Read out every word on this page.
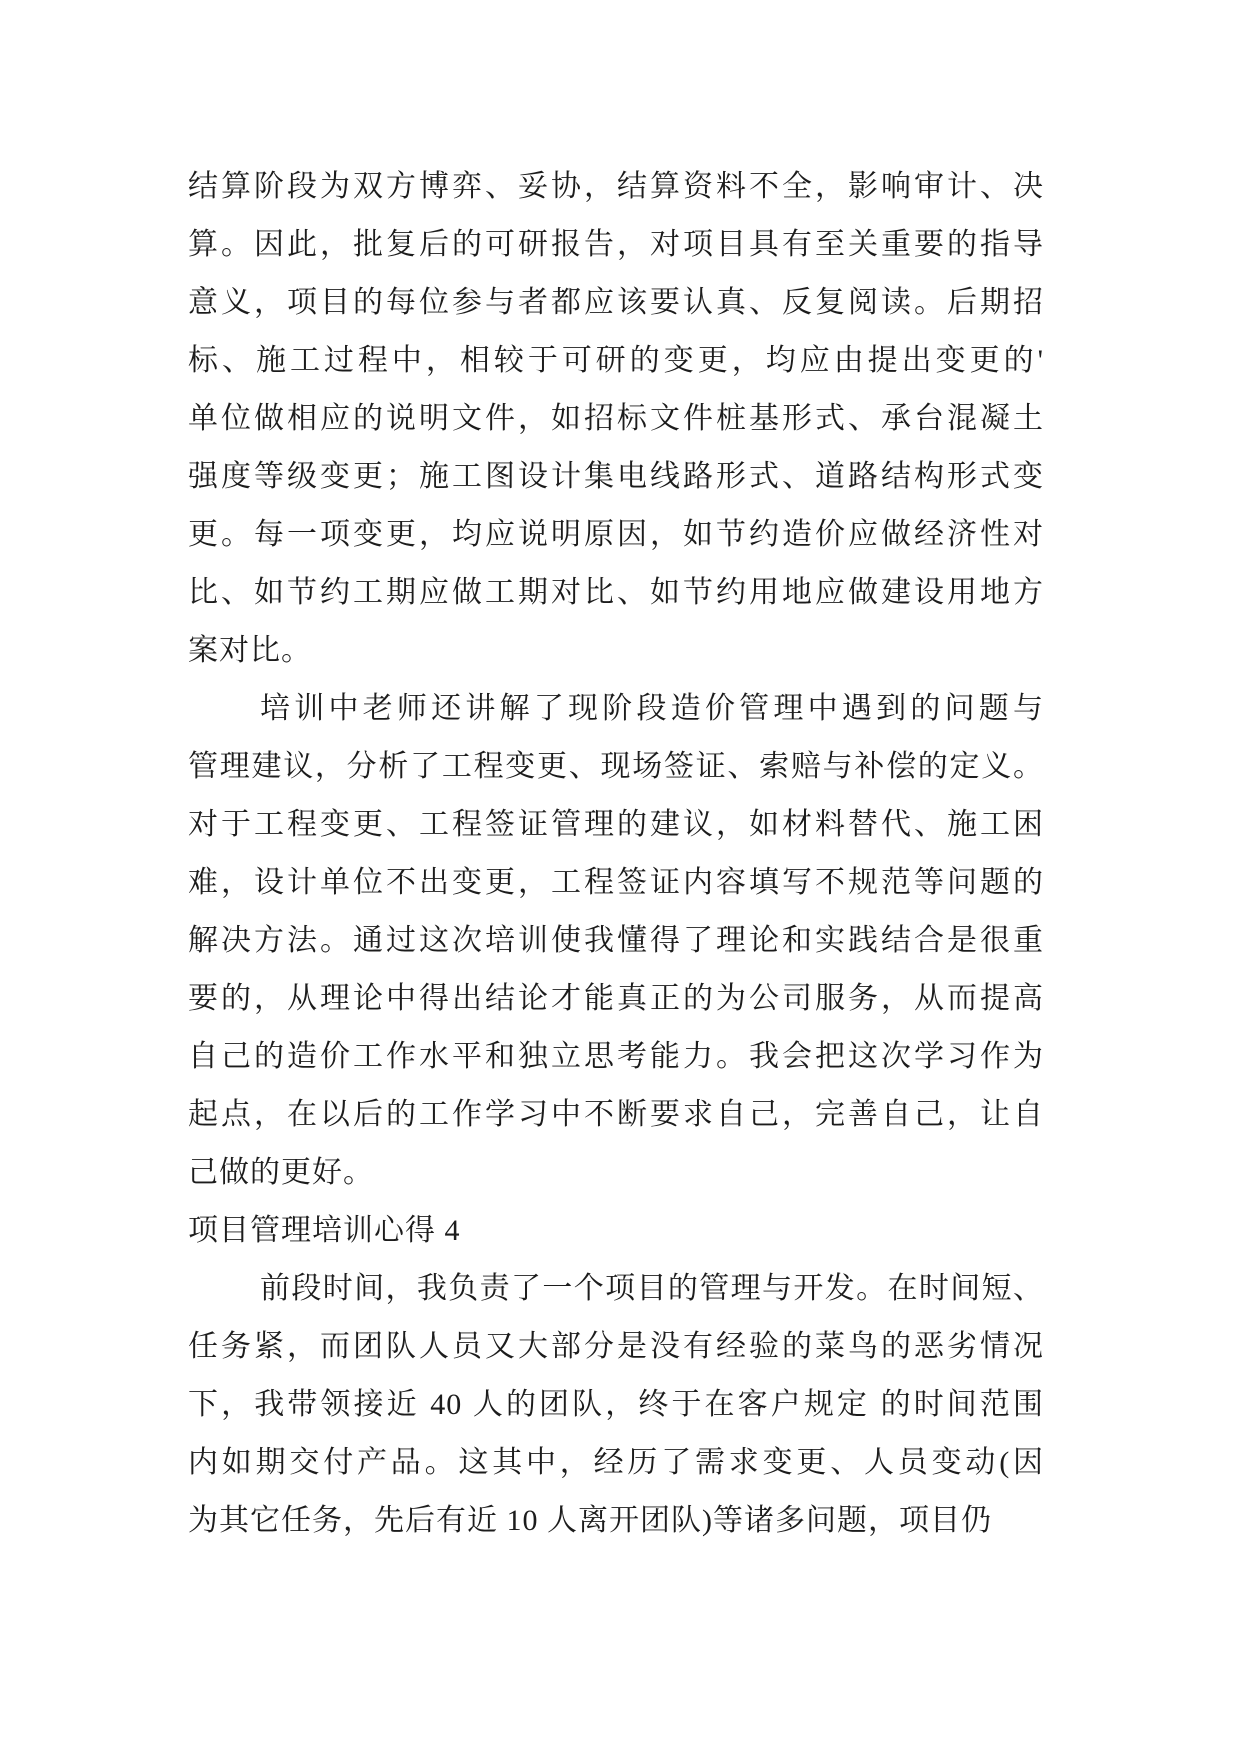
结算阶段为双方博弈、妥协，结算资料不全，影响审计、决
算。因此，批复后的可研报告，对项目具有至关重要的指导
意义，项目的每位参与者都应该要认真、反复阅读。后期招
标、施工过程中，相较于可研的变更，均应由提出变更的'
单位做相应的说明文件，如招标文件桩基形式、承台混凝土
强度等级变更；施工图设计集电线路形式、道路结构形式变
更。每一项变更，均应说明原因，如节约造价应做经济性对
比、如节约工期应做工期对比、如节约用地应做建设用地方
案对比。
培训中老师还讲解了现阶段造价管理中遇到的问题与
管理建议，分析了工程变更、现场签证、索赔与补偿的定义。
对于工程变更、工程签证管理的建议，如材料替代、施工困
难，设计单位不出变更，工程签证内容填写不规范等问题的
解决方法。通过这次培训使我懂得了理论和实践结合是很重
要的，从理论中得出结论才能真正的为公司服务，从而提高
自己的造价工作水平和独立思考能力。我会把这次学习作为
起点，在以后的工作学习中不断要求自己，完善自己，让自
己做的更好。
项目管理培训心得 4
前段时间，我负责了一个项目的管理与开发。在时间短、
任务紧，而团队人员又大部分是没有经验的菜鸟的恶劣情况
下，我带领接近 40 人的团队，终于在客户规定 的时间范围
内如期交付产品。这其中，经历了需求变更、人员变动(因
为其它任务，先后有近 10 人离开团队)等诸多问题，项目仍
